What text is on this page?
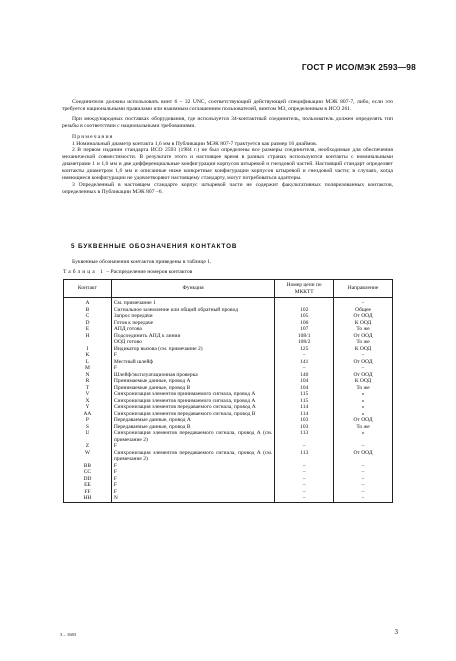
ГОСТ Р ИСО/МЭК 2593—98

Соединители должны использовать винт 6 – 32 UNC, соответствующий действующей спецификации МЭК 807-7, либо, если это требуется национальными правилами или взаимным соглашением пользователей, винтом М3, определенным в ИСО 261.

При международных поставках оборудования, где используется 34-контактный соединитель, пользователь должен определять тип резьбы в соответствии с национальными требованиями.

Примечания

1 Номинальный диаметр контакта 1,6 мм в Публикации МЭК 807-7 трактуется как размер 16 диаймов.

2 В первом издании стандарта ИСО 2593 (1984 г.) не был определены все размеры соединителя, необходимые для обеспечения механической совместимости. В результате этого и настоящее время в разных странах используются контакты с номинальными диаметрами 1 и 1,6 мм и две дифференциальные конфигурации корпусов штыревой и гнездовой частей. Настоящий стандарт определяет контакты диаметром 1,6 мм и описанные ниже конкретные конфигурации корпусов штыревой и гнездовой части; в случаях, когда имеющиеся конфигурации не удовлетворяют настоящему стандарту, могут потребоваться адаптеры.

3 Определенный в настоящем стандарте корпус штыревой части не содержит факультативных поляризованных контактов, определенных в Публикации МЭК 807 –6.

5 БУКВЕННЫЕ ОБОЗНАЧЕНИЯ КОНТАКТОВ
Буквенные обозначения контактов приведены в таблице 1.
Таблица 1 – Распределение номеров контактов
Контакт	Функция	Номер цепи по МККТТ	Направление
A	См. примечание 1		–
B	Сигнальное заземление или общий обратный провод	102	Общее
C	Запрос передачи	105	От ООД
D	Готов к передаче	106	К ООД
E	АПД готова	107	То же
H	Подсоединить АПД к линии	108/1	От ООД
	ООД готово	108/2	То же
I	Индикатор вызова (см. примечание 2)	125	К ООД
K	F	–	–
L	Местный шлейф	141	От ООД
M	F	–	–
N	Шлейф/эксплуатационная проверка	140	От ООД
R	Принимаемые данные, провод A	104	К ООД
T	Принимаемые данные, провод В	104	То же
V	Синхронизация элементов принимаемого сигнала, провод А	115	»
X	Синхронизация элементов принимаемого сигнала, провод А	115	»
Y	Синхронизация элементов передаваемого сигнала, провод А	114	»
AA	Синхронизация элементов передаваемого сигнала, провод В	114	»
P	Передаваемые данные, провод А	103	От ООД
S	Передаваемые данные, провод В	103	То же
U	Синхронизация элементов передаваемого сигнала, провод А (см. примечание 2)	113	»
Z	F	–	–
W	Синхронизация элементов передаваемого сигнала, провод А (см. примечание 2)	113	От ООД
BB	F	–	–
CC	F	–	–
DD	F	–	–
EE	F	–	–
FF	F	–	–
HH	N	–	–
3 – 1683	3
